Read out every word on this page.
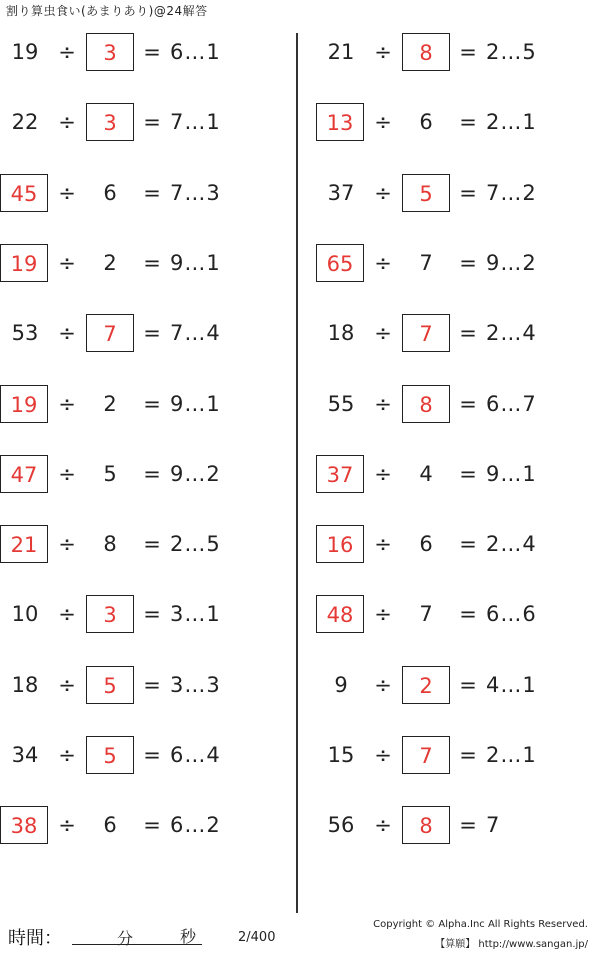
割り算虫食い(あまりあり)@24解答
19 ÷	3	= 6…1
22 ÷	3	= 7…1
45 ÷	6	= 7…3
19 ÷	2	= 9…1
53 ÷	7	= 7…4
19 ÷	2	= 9…1
47 ÷	5	= 9…2
21 ÷	8	= 2…5
10 ÷	3	= 3…1
18 ÷	5	= 3…3
34 ÷	5	= 6…4
38 ÷	6	= 6…2
21 ÷	8	= 2…5
13 ÷	6	= 2…1
37 ÷	5	= 7…2
65 ÷	7	= 9…2
18 ÷	7	= 2…4
55 ÷	8	= 6…7
37 ÷	4	= 9…1
16 ÷	6	= 2…4
48 ÷	7	= 6…6
9	÷	2	= 4…1
15 ÷	7	= 2…1
56 ÷	8	= 7
時間：	分	秒	2/400
Copyright © Alpha.Inc All Rights Reserved.
【算願】 http://www.sangan.jp/
